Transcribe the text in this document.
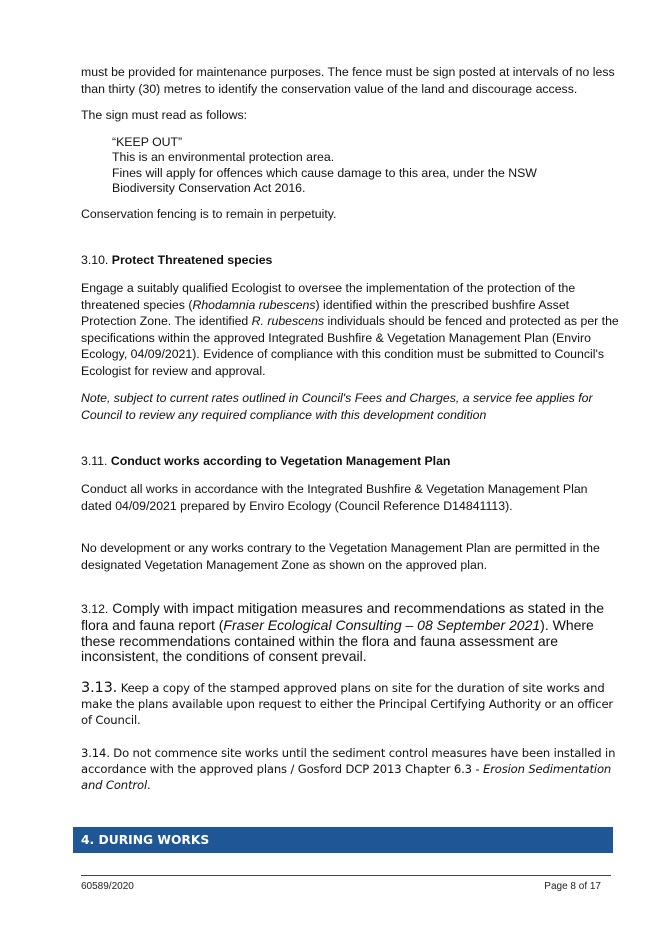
must be provided for maintenance purposes. The fence must be sign posted at intervals of no less than thirty (30) metres to identify the conservation value of the land and discourage access.
The sign must read as follows:
“KEEP OUT”
This is an environmental protection area.
Fines will apply for offences which cause damage to this area, under the NSW
Biodiversity Conservation Act 2016.
Conservation fencing is to remain in perpetuity.
3.10. Protect Threatened species
Engage a suitably qualified Ecologist to oversee the implementation of the protection of the threatened species (Rhodamnia rubescens) identified within the prescribed bushfire Asset Protection Zone. The identified R. rubescens individuals should be fenced and protected as per the specifications within the approved Integrated Bushfire & Vegetation Management Plan (Enviro Ecology, 04/09/2021). Evidence of compliance with this condition must be submitted to Council's Ecologist for review and approval.
Note, subject to current rates outlined in Council's Fees and Charges, a service fee applies for Council to review any required compliance with this development condition
3.11. Conduct works according to Vegetation Management Plan
Conduct all works in accordance with the Integrated Bushfire & Vegetation Management Plan dated 04/09/2021 prepared by Enviro Ecology (Council Reference D14841113).
No development or any works contrary to the Vegetation Management Plan are permitted in the designated Vegetation Management Zone as shown on the approved plan.
3.12. Comply with impact mitigation measures and recommendations as stated in the flora and fauna report (Fraser Ecological Consulting – 08 September 2021). Where these recommendations contained within the flora and fauna assessment are inconsistent, the conditions of consent prevail.
3.13. Keep a copy of the stamped approved plans on site for the duration of site works and make the plans available upon request to either the Principal Certifying Authority or an officer of Council.
3.14. Do not commence site works until the sediment control measures have been installed in accordance with the approved plans / Gosford DCP 2013 Chapter 6.3 - Erosion Sedimentation and Control.
4. DURING WORKS
60589/2020	Page 8 of 17
